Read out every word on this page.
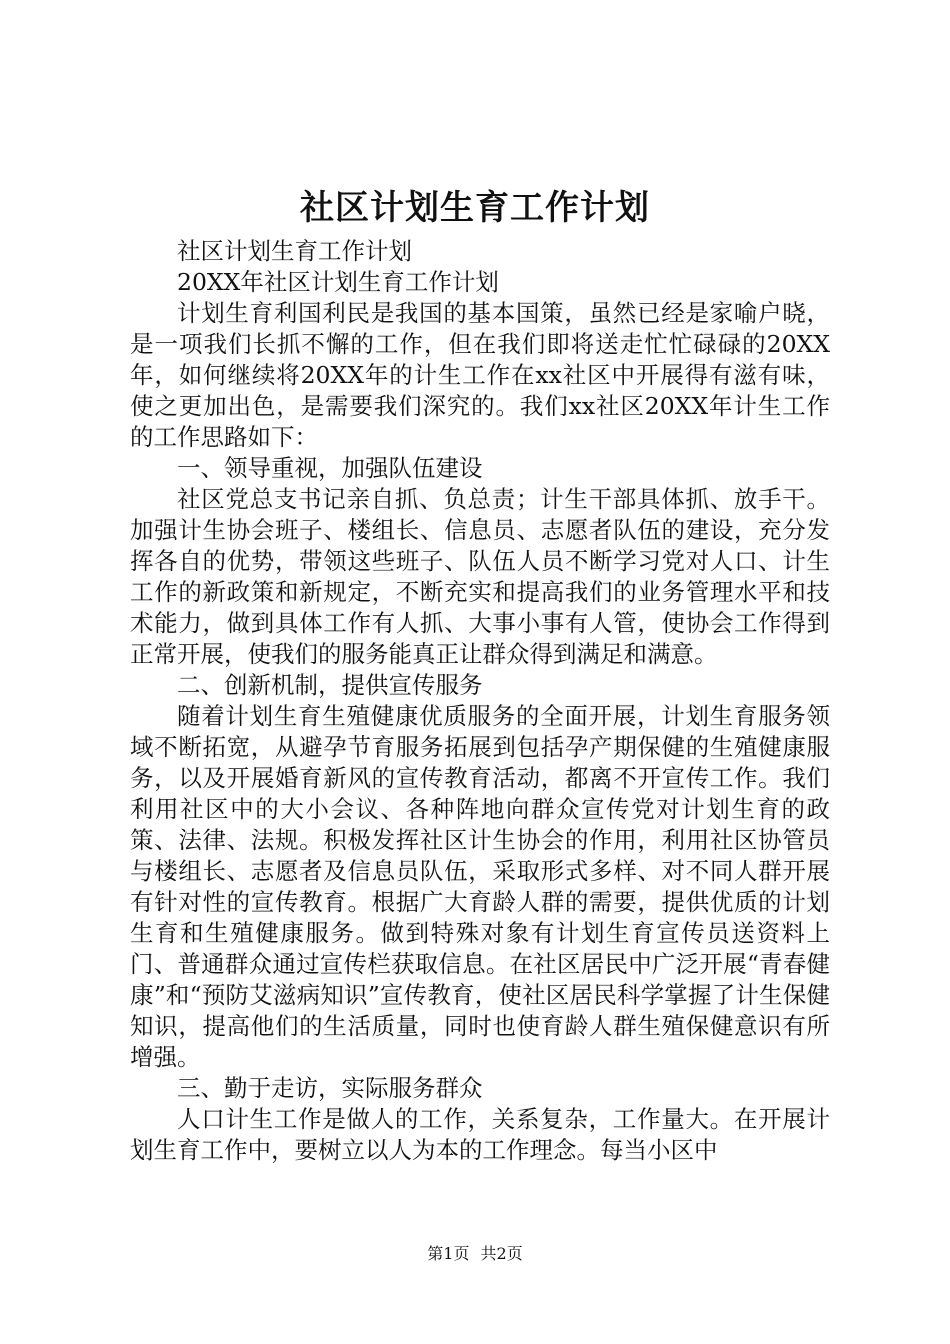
社区计划生育工作计划

社区计划生育工作计划

20XX年社区计划生育工作计划

计划生育利国利民是我国的基本国策，虽然已经是家喻户晓，是一项我们长抓不懈的工作，但在我们即将送走忙忙碌碌的20XX年，如何继续将20XX年的计生工作在xx社区中开展得有滋有味，使之更加出色，是需要我们深究的。我们xx社区20XX年计生工作的工作思路如下：

一、领导重视，加强队伍建设

社区党总支书记亲自抓、负总责；计生干部具体抓、放手干。加强计生协会班子、楼组长、信息员、志愿者队伍的建设，充分发挥各自的优势，带领这些班子、队伍人员不断学习党对人口、计生工作的新政策和新规定，不断充实和提高我们的业务管理水平和技术能力，做到具体工作有人抓、大事小事有人管，使协会工作得到正常开展，使我们的服务能真正让群众得到满足和满意。

二、创新机制，提供宣传服务

随着计划生育生殖健康优质服务的全面开展，计划生育服务领域不断拓宽，从避孕节育服务拓展到包括孕产期保健的生殖健康服务，以及开展婚育新风的宣传教育活动，都离不开宣传工作。我们利用社区中的大小会议、各种阵地向群众宣传党对计划生育的政策、法律、法规。积极发挥社区计生协会的作用，利用社区协管员与楼组长、志愿者及信息员队伍，采取形式多样、对不同人群开展有针对性的宣传教育。根据广大育龄人群的需要，提供优质的计划生育和生殖健康服务。做到特殊对象有计划生育宣传员送资料上门、普通群众通过宣传栏获取信息。在社区居民中广泛开展“青春健康”和“预防艾滋病知识”宣传教育，使社区居民科学掌握了计生保健知识，提高他们的生活质量，同时也使育龄人群生殖保健意识有所增强。

三、勤于走访，实际服务群众

人口计生工作是做人的工作，关系复杂，工作量大。在开展计划生育工作中，要树立以人为本的工作理念。每当小区中

第1页 共2页
